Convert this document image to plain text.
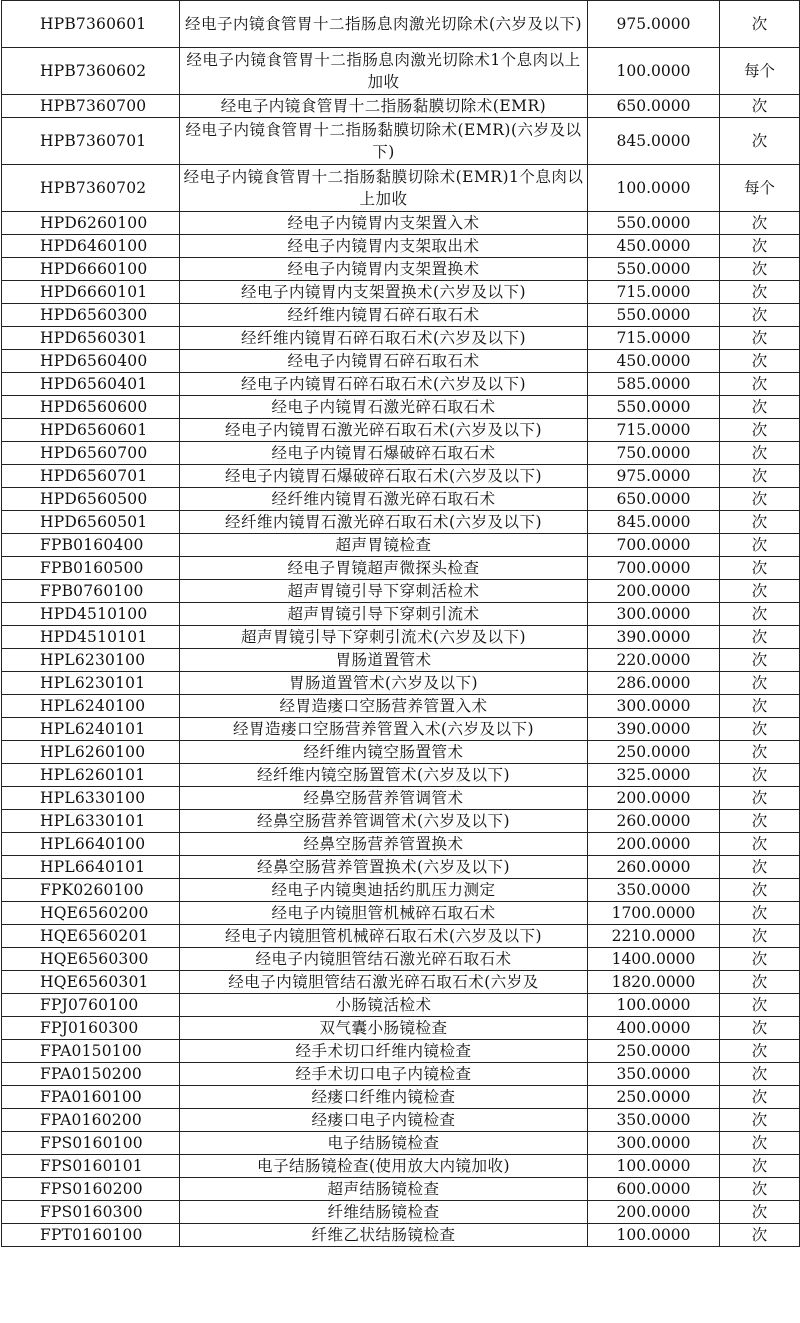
HPB7360601	经电子内镜食管胃十二指肠息肉激光切除术(六岁及以下)	975.0000	次
HPB7360602	经电子内镜食管胃十二指肠息肉激光切除术1个息肉以上加收	100.0000	每个
HPB7360700	经电子内镜食管胃十二指肠黏膜切除术(EMR)	650.0000	次
HPB7360701	经电子内镜食管胃十二指肠黏膜切除术(EMR)(六岁及以下)	845.0000	次
HPB7360702	经电子内镜食管胃十二指肠黏膜切除术(EMR)1个息肉以上加收	100.0000	每个
HPD6260100	经电子内镜胃内支架置入术	550.0000	次
HPD6460100	经电子内镜胃内支架取出术	450.0000	次
HPD6660100	经电子内镜胃内支架置换术	550.0000	次
HPD6660101	经电子内镜胃内支架置换术(六岁及以下)	715.0000	次
HPD6560300	经纤维内镜胃石碎石取石术	550.0000	次
HPD6560301	经纤维内镜胃石碎石取石术(六岁及以下)	715.0000	次
HPD6560400	经电子内镜胃石碎石取石术	450.0000	次
HPD6560401	经电子内镜胃石碎石取石术(六岁及以下)	585.0000	次
HPD6560600	经电子内镜胃石激光碎石取石术	550.0000	次
HPD6560601	经电子内镜胃石激光碎石取石术(六岁及以下)	715.0000	次
HPD6560700	经电子内镜胃石爆破碎石取石术	750.0000	次
HPD6560701	经电子内镜胃石爆破碎石取石术(六岁及以下)	975.0000	次
HPD6560500	经纤维内镜胃石激光碎石取石术	650.0000	次
HPD6560501	经纤维内镜胃石激光碎石取石术(六岁及以下)	845.0000	次
FPB0160400	超声胃镜检查	700.0000	次
FPB0160500	经电子胃镜超声微探头检查	700.0000	次
FPB0760100	超声胃镜引导下穿刺活检术	200.0000	次
HPD4510100	超声胃镜引导下穿刺引流术	300.0000	次
HPD4510101	超声胃镜引导下穿刺引流术(六岁及以下)	390.0000	次
HPL6230100	胃肠道置管术	220.0000	次
HPL6230101	胃肠道置管术(六岁及以下)	286.0000	次
HPL6240100	经胃造瘘口空肠营养管置入术	300.0000	次
HPL6240101	经胃造瘘口空肠营养管置入术(六岁及以下)	390.0000	次
HPL6260100	经纤维内镜空肠置管术	250.0000	次
HPL6260101	经纤维内镜空肠置管术(六岁及以下)	325.0000	次
HPL6330100	经鼻空肠营养管调管术	200.0000	次
HPL6330101	经鼻空肠营养管调管术(六岁及以下)	260.0000	次
HPL6640100	经鼻空肠营养管置换术	200.0000	次
HPL6640101	经鼻空肠营养管置换术(六岁及以下)	260.0000	次
FPK0260100	经电子内镜奥迪括约肌压力测定	350.0000	次
HQE6560200	经电子内镜胆管机械碎石取石术	1700.0000	次
HQE6560201	经电子内镜胆管机械碎石取石术(六岁及以下)	2210.0000	次
HQE6560300	经电子内镜胆管结石激光碎石取石术	1400.0000	次
HQE6560301	经电子内镜胆管结石激光碎石取石术(六岁及	1820.0000	次
FPJ0760100	小肠镜活检术	100.0000	次
FPJ0160300	双气囊小肠镜检查	400.0000	次
FPA0150100	经手术切口纤维内镜检查	250.0000	次
FPA0150200	经手术切口电子内镜检查	350.0000	次
FPA0160100	经瘘口纤维内镜检查	250.0000	次
FPA0160200	经瘘口电子内镜检查	350.0000	次
FPS0160100	电子结肠镜检查	300.0000	次
FPS0160101	电子结肠镜检查(使用放大内镜加收)	100.0000	次
FPS0160200	超声结肠镜检查	600.0000	次
FPS0160300	纤维结肠镜检查	200.0000	次
FPT0160100	纤维乙状结肠镜检查	100.0000	次
